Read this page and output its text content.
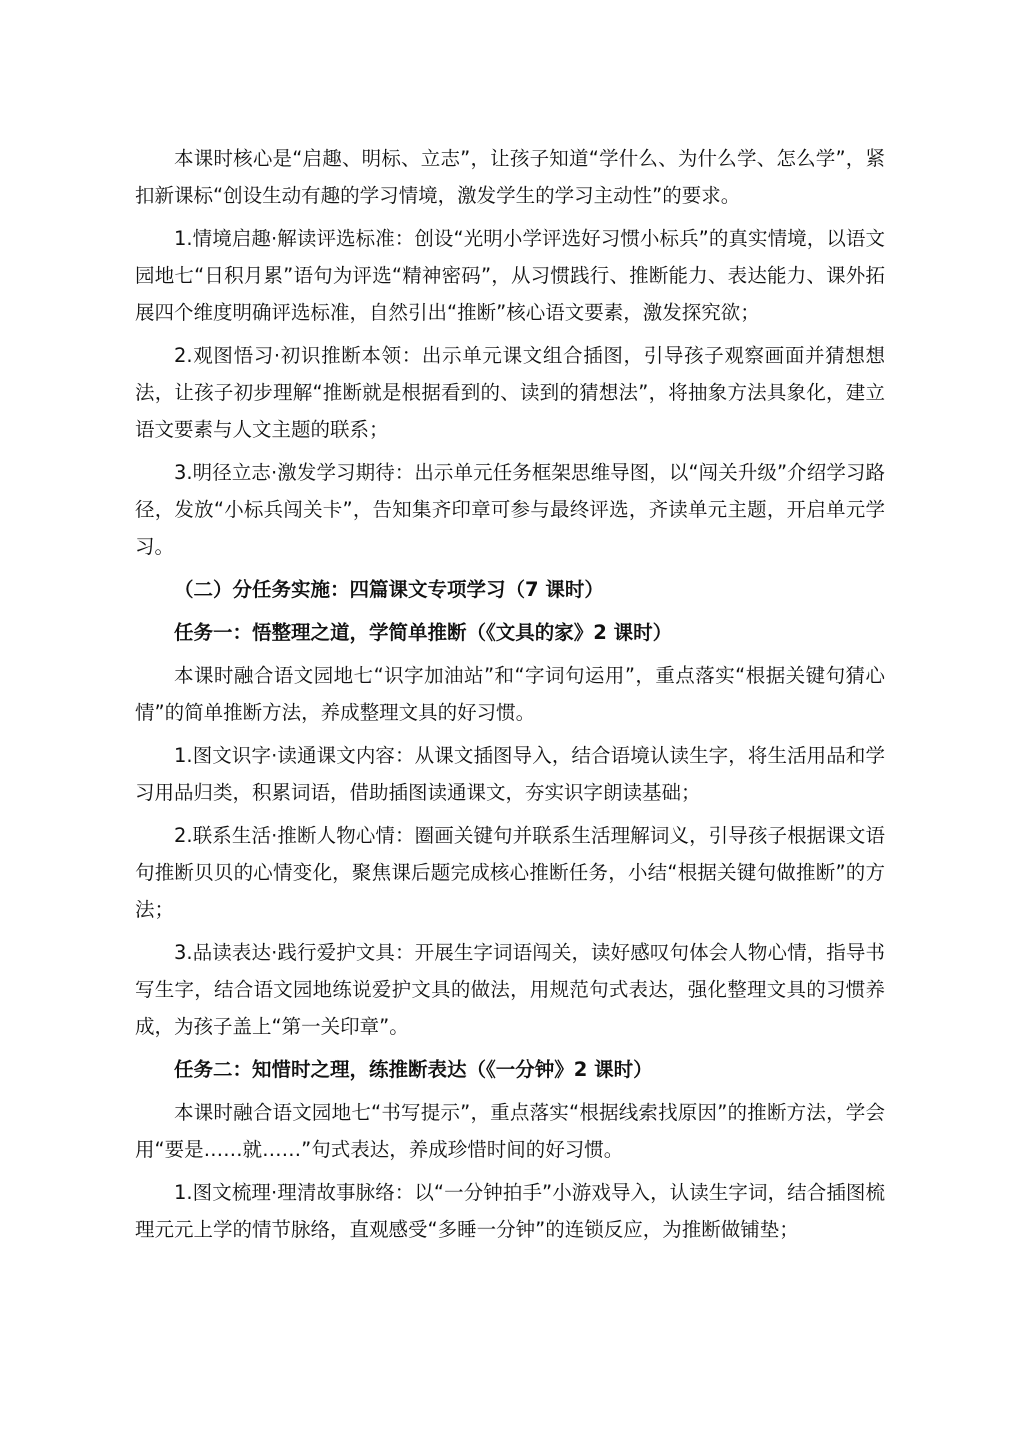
本课时核心是“启趣、明标、立志”，让孩子知道“学什么、为什么学、怎么学”，紧扣新课标“创设生动有趣的学习情境，激发学生的学习主动性”的要求。

1.情境启趣·解读评选标准：创设“光明小学评选好习惯小标兵”的真实情境，以语文园地七“日积月累”语句为评选“精神密码”，从习惯践行、推断能力、表达能力、课外拓展四个维度明确评选标准，自然引出“推断”核心语文要素，激发探究欲；

2.观图悟习·初识推断本领：出示单元课文组合插图，引导孩子观察画面并猜想想法，让孩子初步理解“推断就是根据看到的、读到的猜想法”，将抽象方法具象化，建立语文要素与人文主题的联系；

3.明径立志·激发学习期待：出示单元任务框架思维导图，以“闯关升级”介绍学习路径，发放“小标兵闯关卡”，告知集齐印章可参与最终评选，齐读单元主题，开启单元学习。

（二）分任务实施：四篇课文专项学习（7 课时）

任务一：悟整理之道，学简单推断（《文具的家》2 课时）

本课时融合语文园地七“识字加油站”和“字词句运用”，重点落实“根据关键句猜心情”的简单推断方法，养成整理文具的好习惯。

1.图文识字·读通课文内容：从课文插图导入，结合语境认读生字，将生活用品和学习用品归类，积累词语，借助插图读通课文，夯实识字朗读基础；

2.联系生活·推断人物心情：圈画关键句并联系生活理解词义，引导孩子根据课文语句推断贝贝的心情变化，聚焦课后题完成核心推断任务，小结“根据关键句做推断”的方法；

3.品读表达·践行爱护文具：开展生字词语闯关，读好感叹句体会人物心情，指导书写生字，结合语文园地练说爱护文具的做法，用规范句式表达，强化整理文具的习惯养成，为孩子盖上“第一关印章”。

任务二：知惜时之理，练推断表达（《一分钟》2 课时）

本课时融合语文园地七“书写提示”，重点落实“根据线索找原因”的推断方法，学会用“要是……就……”句式表达，养成珍惜时间的好习惯。

1.图文梳理·理清故事脉络：以“一分钟拍手”小游戏导入，认读生字词，结合插图梳理元元上学的情节脉络，直观感受“多睡一分钟”的连锁反应，为推断做铺垫；
